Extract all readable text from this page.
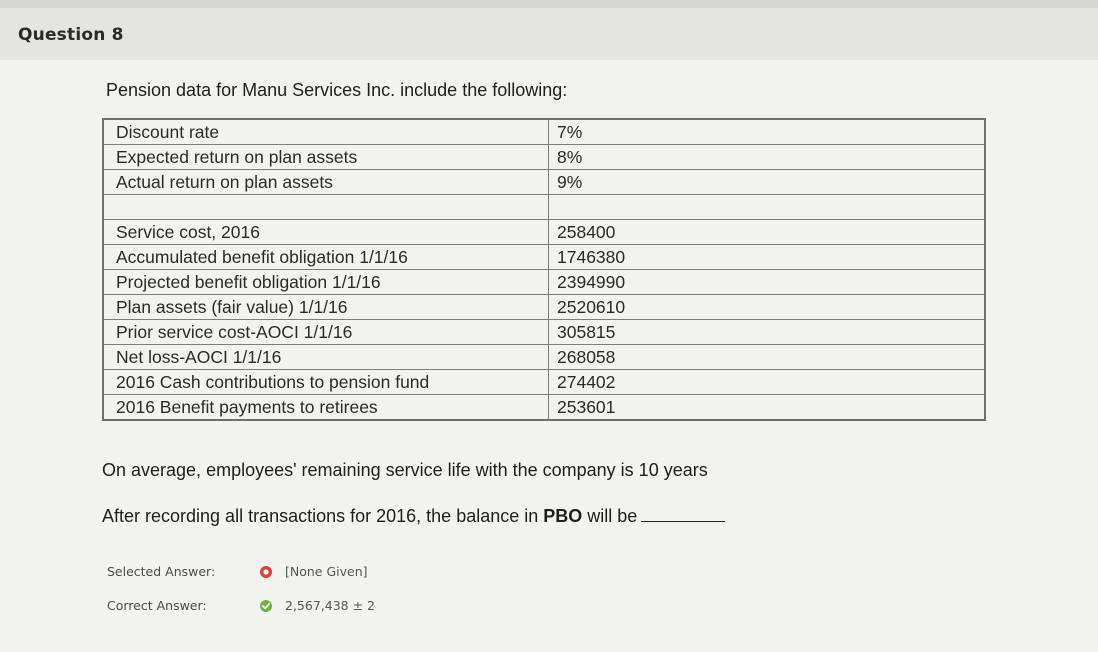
Question 8
Pension data for Manu Services Inc. include the following:
Discount rate	7%
Expected return on plan assets	8%
Actual return on plan assets	9%

Service cost, 2016	258400
Accumulated benefit obligation 1/1/16	1746380
Projected benefit obligation 1/1/16	2394990
Plan assets (fair value) 1/1/16	2520610
Prior service cost-AOCI 1/1/16	305815
Net loss-AOCI 1/1/16	268058
2016 Cash contributions to pension fund	274402
2016 Benefit payments to retirees	253601
On average, employees' remaining service life with the company is 10 years
After recording all transactions for 2016, the balance in PBO will be
Selected Answer:	[None Given]
Correct Answer:	2,567,438 ± 2
